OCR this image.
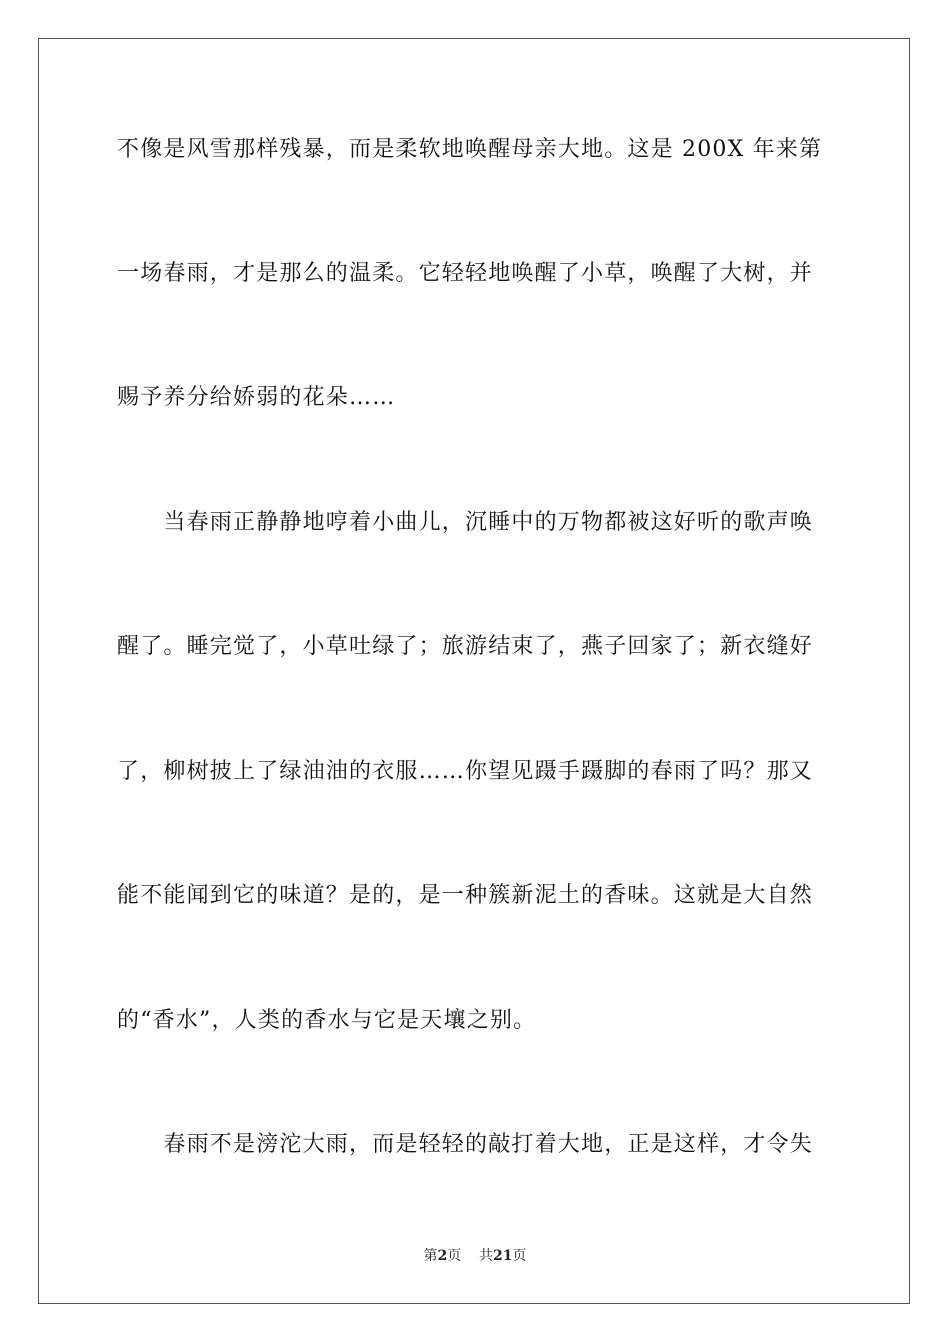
不像是风雪那样残暴，而是柔软地唤醒母亲大地。这是 200X 年来第
一场春雨，才是那么的温柔。它轻轻地唤醒了小草，唤醒了大树，并
赐予养分给娇弱的花朵……
　　当春雨正静静地哼着小曲儿，沉睡中的万物都被这好听的歌声唤
醒了。睡完觉了，小草吐绿了；旅游结束了，燕子回家了；新衣缝好
了，柳树披上了绿油油的衣服……你望见蹑手蹑脚的春雨了吗？那又
能不能闻到它的味道？是的，是一种簇新泥土的香味。这就是大自然
的“香水”，人类的香水与它是天壤之别。
　　春雨不是滂沱大雨，而是轻轻的敲打着大地，正是这样，才令失
第2页 共21页
